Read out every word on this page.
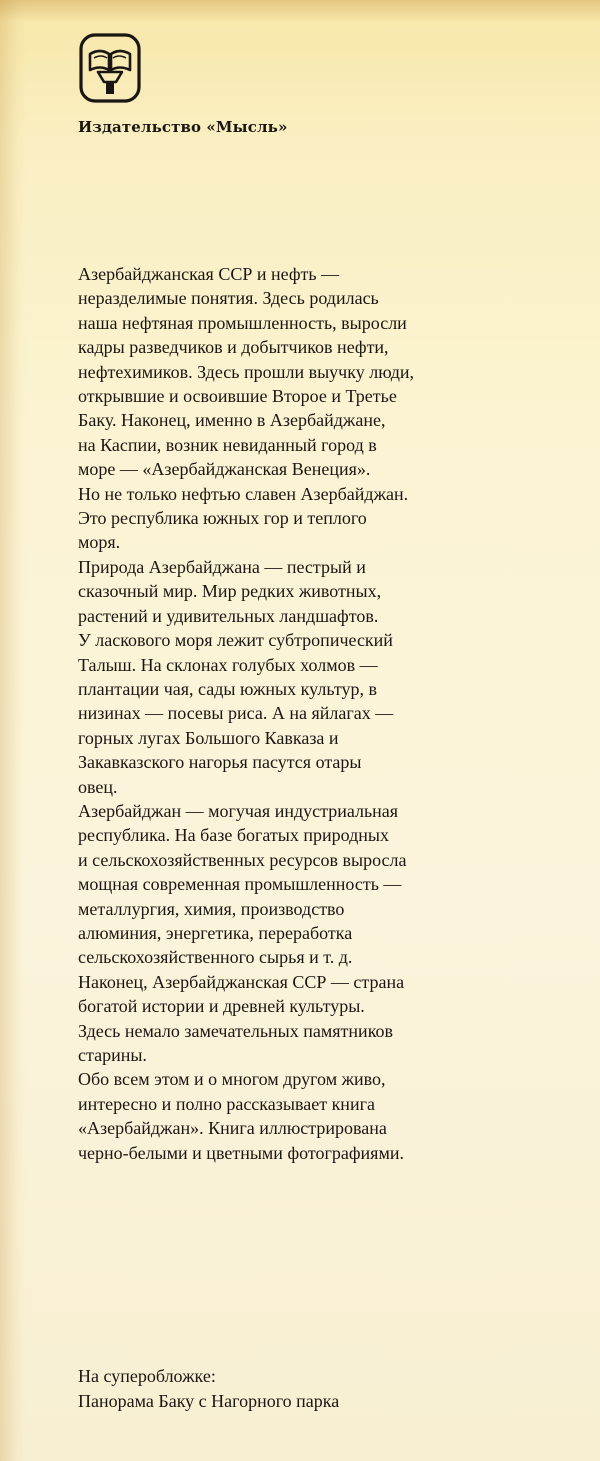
Издательство «Мысль»
Азербайджанская ССР и нефть —
неразделимые понятия. Здесь родилась
наша нефтяная промышленность, выросли
кадры разведчиков и добытчиков нефти,
нефтехимиков. Здесь прошли выучку люди,
открывшие и освоившие Второе и Третье
Баку. Наконец, именно в Азербайджане,
на Каспии, возник невиданный город в
море — «Азербайджанская Венеция».
Но не только нефтью славен Азербайджан.
Это республика южных гор и теплого
моря.
Природа Азербайджана — пестрый и
сказочный мир. Мир редких животных,
растений и удивительных ландшафтов.
У ласкового моря лежит субтропический
Талыш. На склонах голубых холмов —
плантации чая, сады южных культур, в
низинах — посевы риса. А на яйлагах —
горных лугах Большого Кавказа и
Закавказского нагорья пасутся отары
овец.
Азербайджан — могучая индустриальная
республика. На базе богатых природных
и сельскохозяйственных ресурсов выросла
мощная современная промышленность —
металлургия, химия, производство
алюминия, энергетика, переработка
сельскохозяйственного сырья и т. д.
Наконец, Азербайджанская ССР — страна
богатой истории и древней культуры.
Здесь немало замечательных памятников
старины.
Обо всем этом и о многом другом живо,
интересно и полно рассказывает книга
«Азербайджан». Книга иллюстрирована
черно-белыми и цветными фотографиями.
На суперобложке:
Панорама Баку с Нагорного парка
